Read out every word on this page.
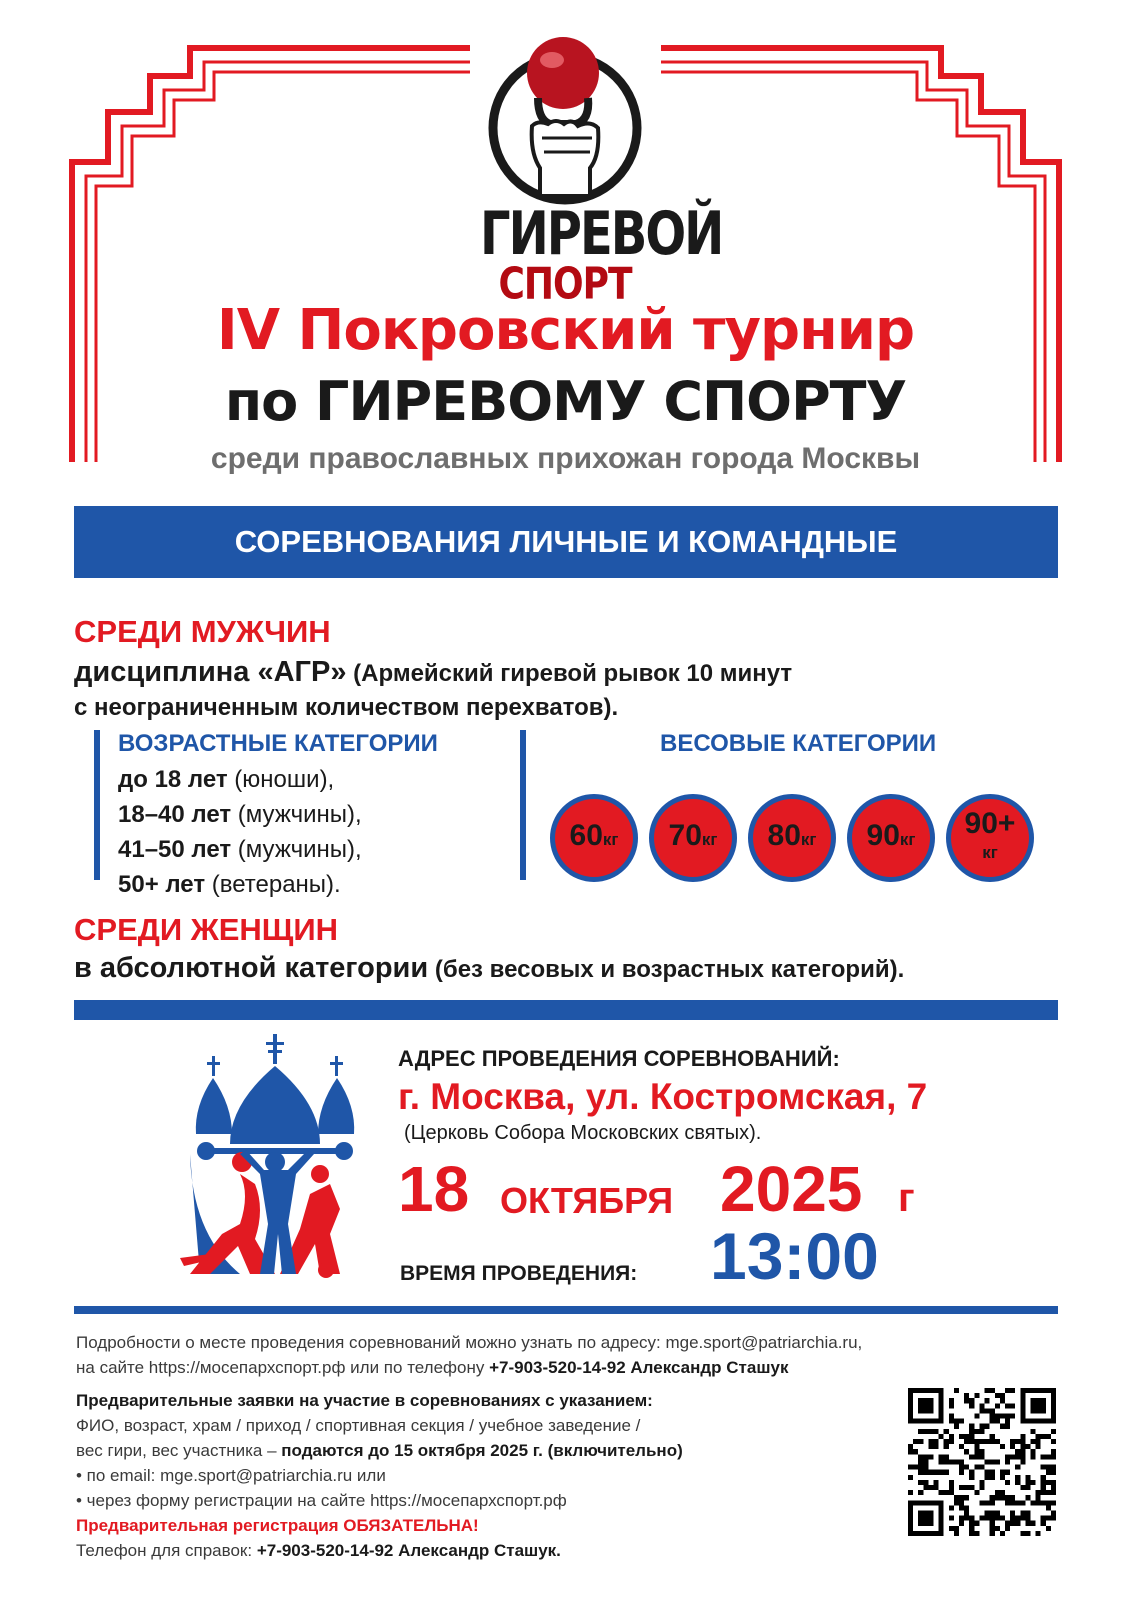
ГИРЕВОЙ
СПОРТ
IV Покровский турнир
по ГИРЕВОМУ СПОРТУ
среди православных прихожан города Москвы
СОРЕВНОВАНИЯ ЛИЧНЫЕ И КОМАНДНЫЕ
СРЕДИ МУЖЧИН
дисциплина «АГР» (Армейский гиревой рывок 10 минут
с неограниченным количеством перехватов).
ВОЗРАСТНЫЕ КАТЕГОРИИ
до 18 лет (юноши),
18–40 лет (мужчины),
41–50 лет (мужчины),
50+ лет (ветераны).
ВЕСОВЫЕ КАТЕГОРИИ
60кг	70кг	80кг	90кг	90+
кг
СРЕДИ ЖЕНЩИН
в абсолютной категории (без весовых и возрастных категорий).
АДРЕС ПРОВЕДЕНИЯ СОРЕВНОВАНИЙ:
г. Москва, ул. Костромская, 7
(Церковь Собора Московских святых).
18 ОКТЯБРЯ 2025 г
ВРЕМЯ ПРОВЕДЕНИЯ: 13:00
Подробности о месте проведения соревнований можно узнать по адресу: mge.sport@patriarchia.ru,
на сайте https://мосепархспорт.рф или по телефону +7-903-520-14-92 Александр Сташук
Предварительные заявки на участие в соревнованиях с указанием:
ФИО, возраст, храм / приход / спортивная секция / учебное заведение /
вес гири, вес участника – подаются до 15 октября 2025 г. (включительно)
• по email: mge.sport@patriarchia.ru или
• через форму регистрации на сайте https://мосепархспорт.рф
Предварительная регистрация ОБЯЗАТЕЛЬНА!
Телефон для справок: +7-903-520-14-92 Александр Сташук.
